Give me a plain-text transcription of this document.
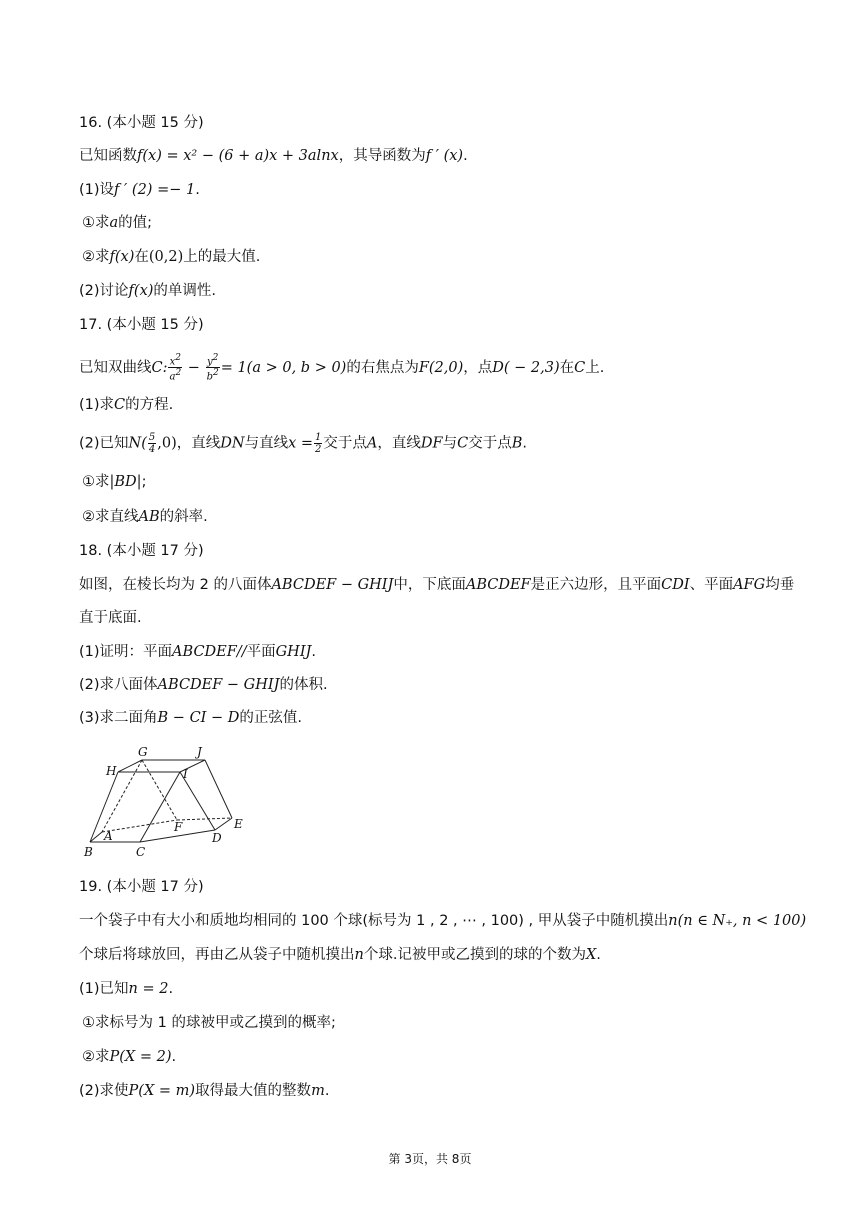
16. (本小题 15 分)
已知函数f(x) = x² − (6 + a)x + 3alnx，其导函数为f ′ (x).
(1)设f ′ (2) =− 1.
①求a的值;
②求f(x)在(0,2)上的最大值.
(2)讨论f(x)的单调性.
17. (本小题 15 分)
已知双曲线C: $\frac{x^2}{a^2} - \frac{y^2}{b^2} = 1(a > 0$, b > 0)的右焦点为F(2,0)，点D( − 2,3)在C上.
(1)求C的方程.
(2)已知$N( \frac{5}{4} ,0)$，直线DN与直线$x = \frac{1}{2}$ 交于点A，直线DF与C交于点B.
①求|BD|;
②求直线AB的斜率.
18. (本小题 17 分)
如图，在棱长均为 2 的八面体ABCDEF − GHIJ中，下底面ABCDEF是正六边形，且平面CDI、平面AFG均垂
直于底面.
(1)证明：平面ABCDEF//平面GHIJ.
(2)求八面体ABCDEF − GHIJ的体积.
(3)求二面角B − CI − D的正弦值.
G	J
H	I
F	E
A	D
B	C
19. (本小题 17 分)
一个袋子中有大小和质地均相同的 100 个球(标号为 1 , 2 , ⋯ , 100) , 甲从袋子中随机摸出n(n ∈ N₊, n < 100)
个球后将球放回，再由乙从袋子中随机摸出n个球.记被甲或乙摸到的球的个数为X.
(1)已知n = 2.
①求标号为 1 的球被甲或乙摸到的概率;
②求P(X = 2).
(2)求使P(X = m)取得最大值的整数m.
第 3页，共 8页
